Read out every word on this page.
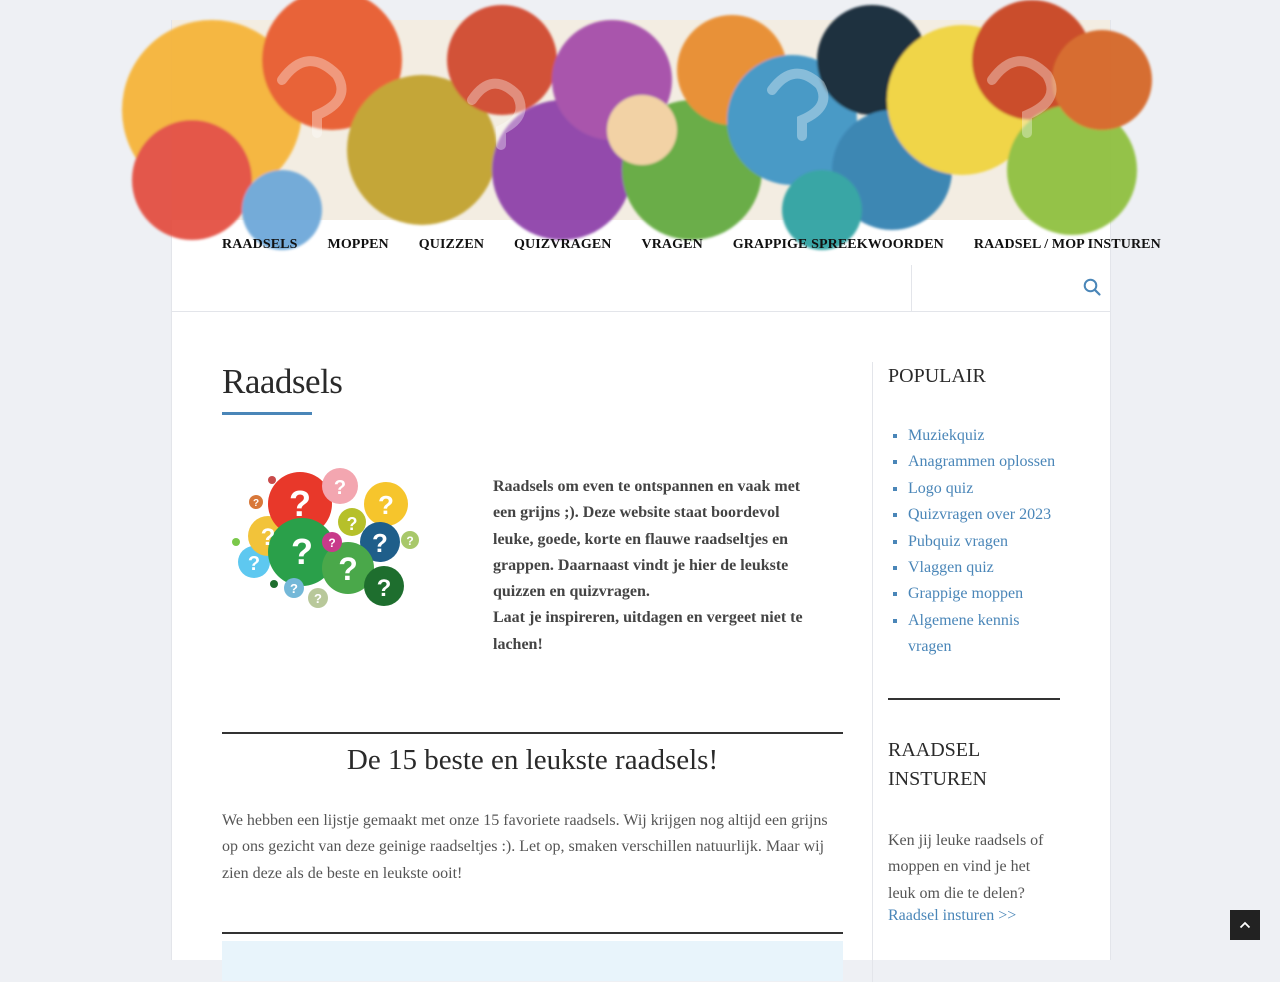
RAADSELS MOPPEN QUIZZEN QUIZVRAGEN VRAGEN GRAPPIGE SPREEKWOORDEN RAADSEL / MOP INSTUREN
Raadsels
? ?
?
?
? ? ?
?
?
?
?
?
?
?
?

Raadsels om even te ontspannen en vaak met een grijns ;). Deze website staat boordevol leuke, goede, korte en flauwe raadseltjes en grappen. Daarnaast vindt je hier de leukste quizzen en quizvragen.

Laat je inspireren, uitdagen en vergeet niet te lachen!

De 15 beste en leukste raadsels!

We hebben een lijstje gemaakt met onze 15 favoriete raadsels. Wij krijgen nog altijd een grijns op ons gezicht van deze geinige raadseltjes :). Let op, smaken verschillen natuurlijk. Maar wij zien deze als de beste en leukste ooit!

POPULAIR
▪ Muziekquiz
▪ Anagrammen oplossen
▪ Logo quiz
▪ Quizvragen over 2023
▪ Pubquiz vragen
▪ Vlaggen quiz
▪ Grappige moppen
▪ Algemene kennis vragen
RAADSEL INSTUREN

Ken jij leuke raadsels of moppen en vind je het leuk om die te delen?

Raadsel insturen >>
